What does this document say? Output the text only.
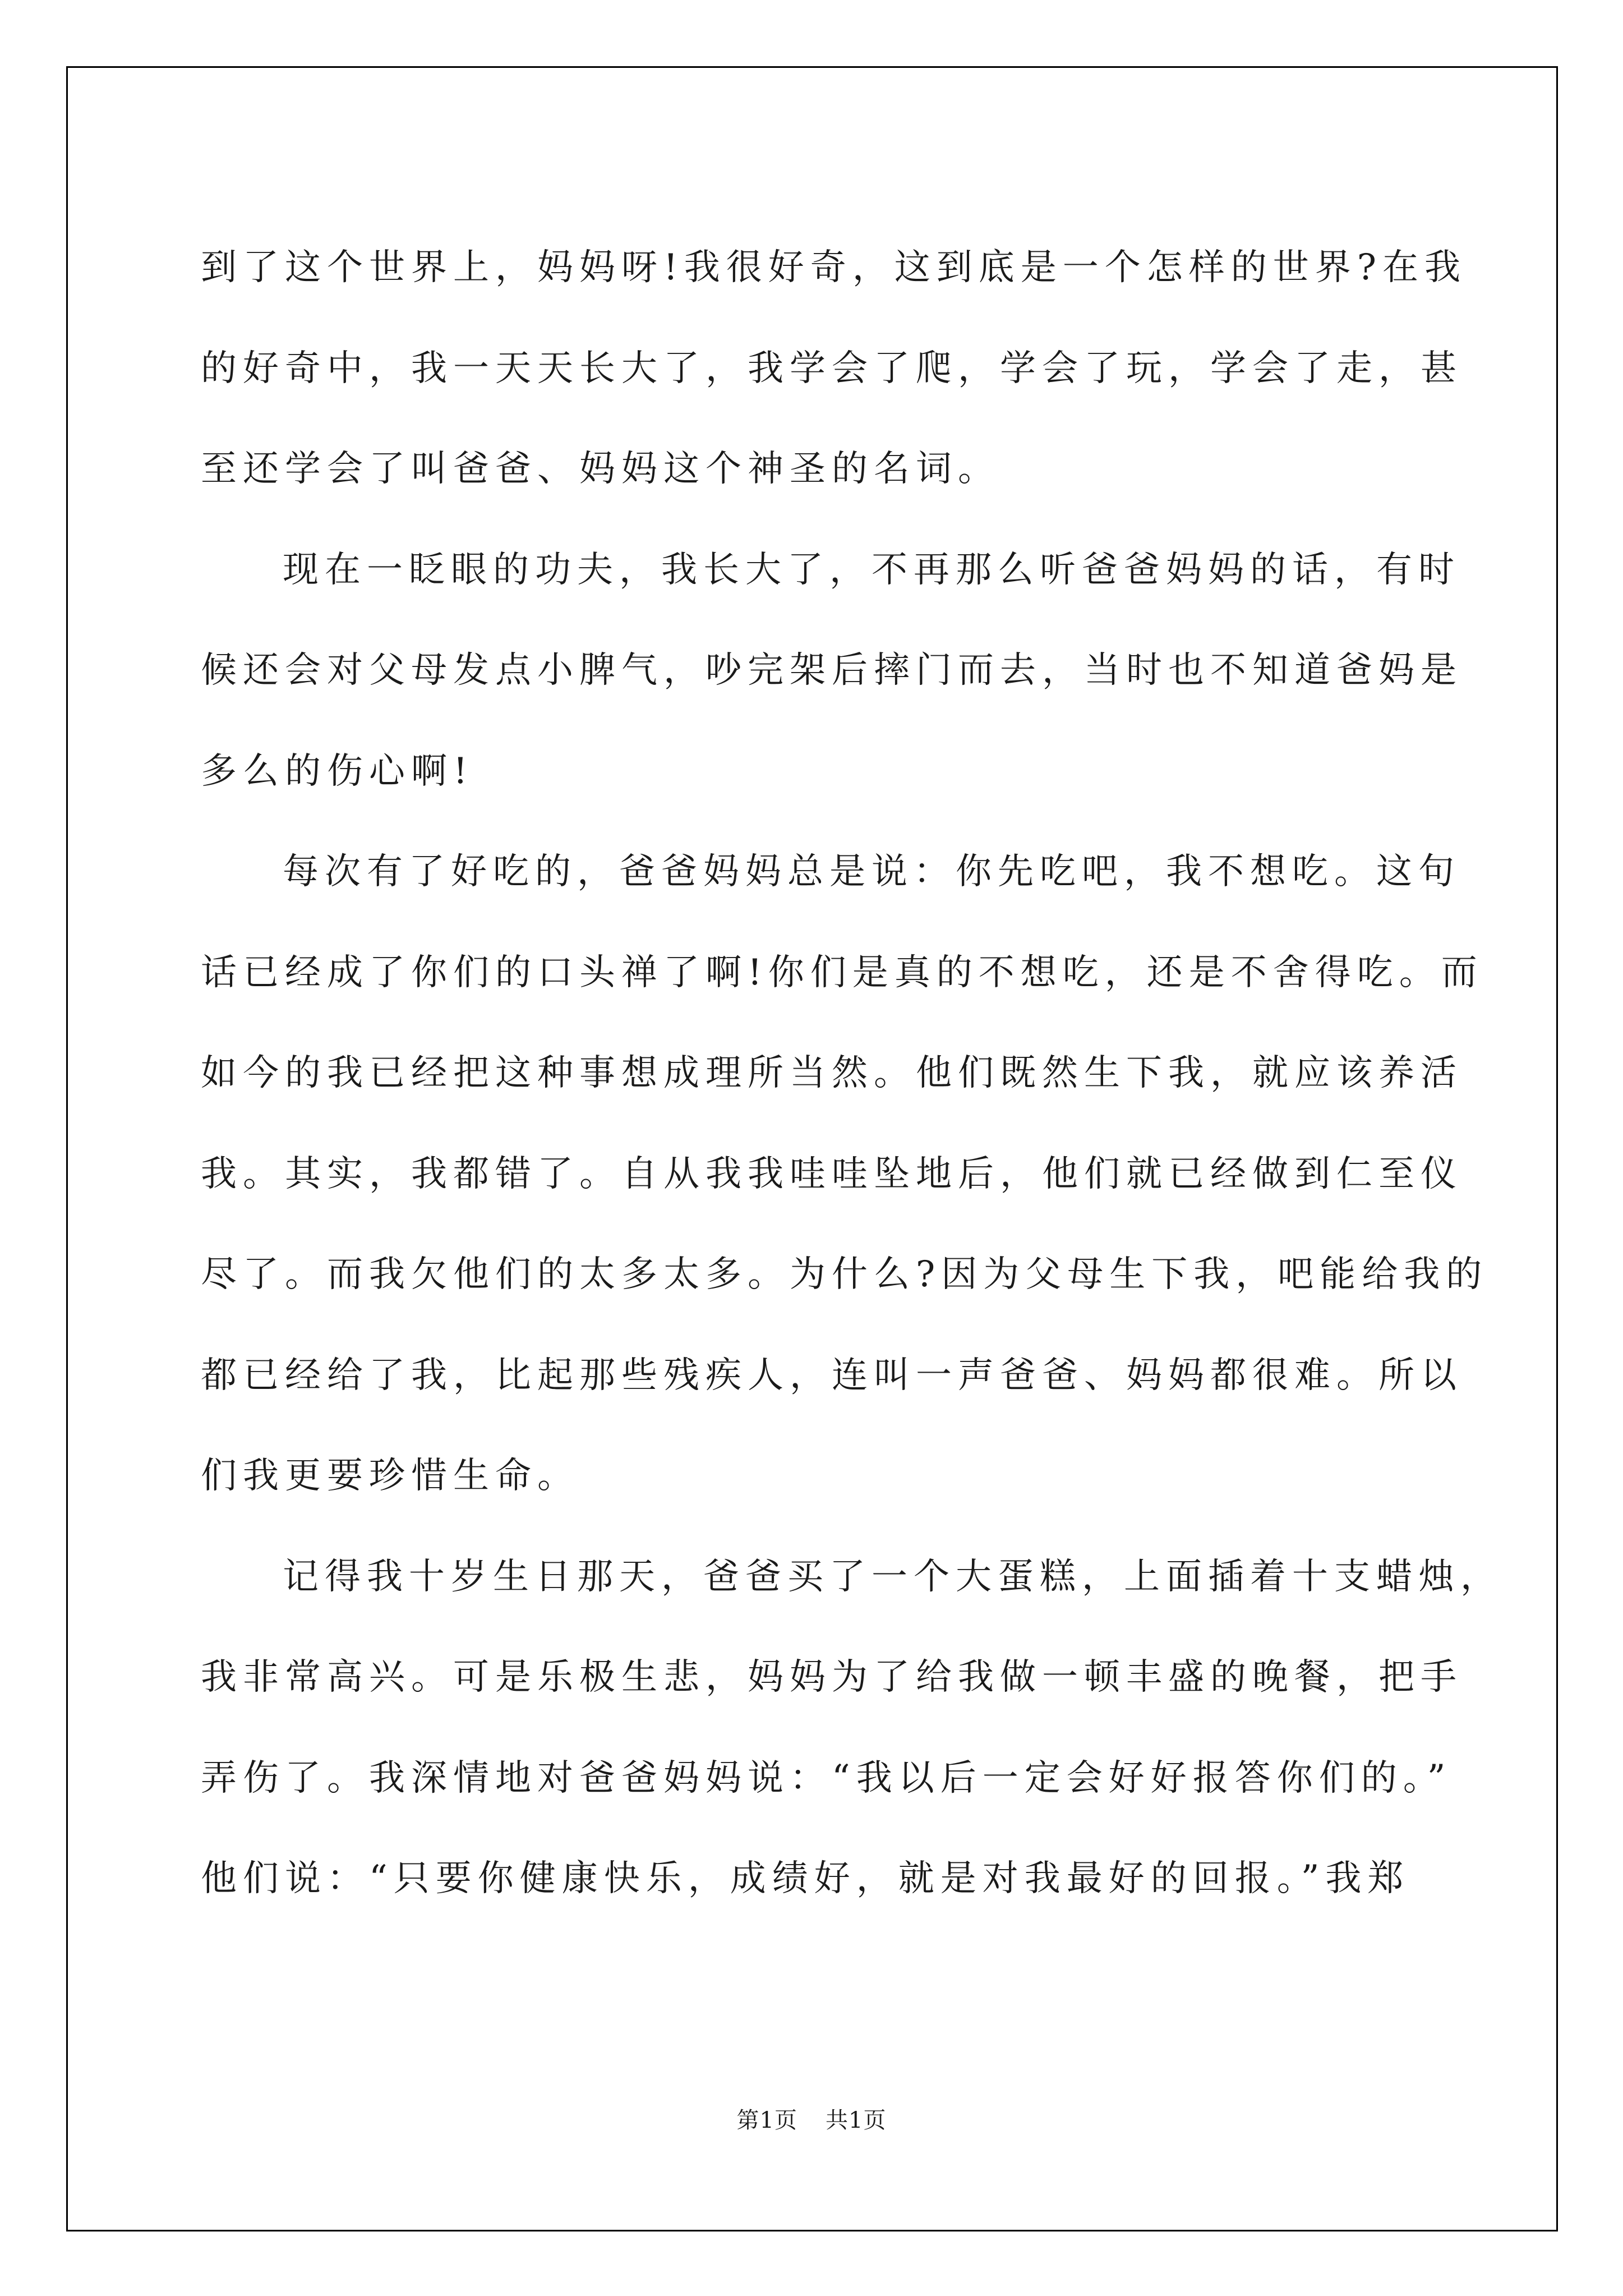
到了这个世界上，妈妈呀!我很好奇，这到底是一个怎样的世界?在我
的好奇中，我一天天长大了，我学会了爬，学会了玩，学会了走，甚
至还学会了叫爸爸、妈妈这个神圣的名词。
现在一眨眼的功夫，我长大了，不再那么听爸爸妈妈的话，有时
候还会对父母发点小脾气，吵完架后摔门而去，当时也不知道爸妈是
多么的伤心啊!
每次有了好吃的，爸爸妈妈总是说：你先吃吧，我不想吃。这句
话已经成了你们的口头禅了啊!你们是真的不想吃，还是不舍得吃。而
如今的我已经把这种事想成理所当然。他们既然生下我，就应该养活
我。其实，我都错了。自从我我哇哇坠地后，他们就已经做到仁至仪
尽了。而我欠他们的太多太多。为什么?因为父母生下我，吧能给我的
都已经给了我，比起那些残疾人，连叫一声爸爸、妈妈都很难。所以
们我更要珍惜生命。
记得我十岁生日那天，爸爸买了一个大蛋糕，上面插着十支蜡烛，
我非常高兴。可是乐极生悲，妈妈为了给我做一顿丰盛的晚餐，把手
弄伤了。我深情地对爸爸妈妈说：“我以后一定会好好报答你们的。”
他们说：“只要你健康快乐，成绩好，就是对我最好的回报。”我郑
第1页 共1页
